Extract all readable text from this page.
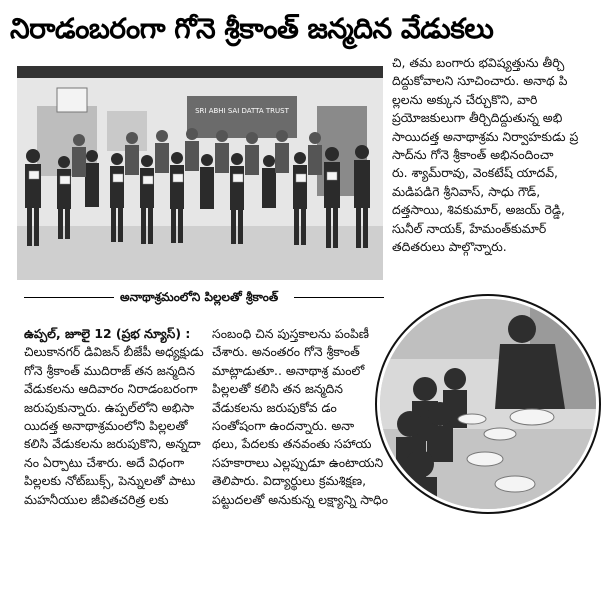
నిరాడంబరంగా గోనె శ్రీకాంత్ జన్మదిన వేడుకలు
SRI ABHI SAI DATTA TRUST
అనాథాశ్రమంలోని పిల్లలతో శ్రీకాంత్
చి, తమ బంగారు భవిష్యత్తును తీర్చి
దిద్దుకోవాలని సూచించారు. అనాథ పి
ల్లలను అక్కున చేర్చుకొని, వారి
ప్రయోజకులుగా తీర్చిదిద్దుతున్న అభి
సాయిదత్త అనాథాశ్రమ నిర్వాహకుడు ప్ర
సాద్‌ను గోనె శ్రీకాంత్ అభినందించా
రు. శ్యామ్‌రావు, వెంకటేష్ యాదవ్,
మడిపడిగె శ్రీనివాస్, సాధు గౌడ్,
దత్తసాయి, శివకుమార్, అజయ్ రెడ్డి,
సునీల్ నాయక్, హేమంత్‌కుమార్
తదితరులు పాల్గొన్నారు.
ఉప్పల్, జూలై 12 (ప్రభ న్యూస్) :
చిలుకానగర్ డివిజన్ బీజేపీ అధ్యక్షుడు
గోనె శ్రీకాంత్ ముదిరాజ్ తన జన్మదిన
వేడుకలను ఆదివారం నిరాడంబరంగా
జరుపుకున్నారు. ఉప్పల్‌లోని అభిసా
యిదత్త అనాథాశ్రమంలోని పిల్లలతో
కలిసి వేడుకలను జరుపుకొని, అన్నదా
నం ఏర్పాటు చేశారు. అదే విధంగా
పిల్లలకు నోట్‌బుక్స్, పెన్నులతో పాటు
మహనీయుల జీవితచరిత్ర లకు
సంబంధి చిన పుస్తకాలను పంపిణీ
చేశారు. అనంతరం గోనె శ్రీకాంత్
మాట్లాడుతూ.. అనాథాశ్ర మంలో
పిల్లలతో కలిసి తన జన్మదిన
వేడుకలను జరుపుకోవ డం
సంతోషంగా ఉందన్నారు. అనా
థలు, పేదలకు తనవంతు సహాయ
సహకారాలు ఎల్లప్పుడూ ఉంటాయని
తెలిపారు. విద్యార్థులు క్రమశిక్షణ,
పట్టుదలతో అనుకున్న లక్ష్యాన్ని సాధిం
